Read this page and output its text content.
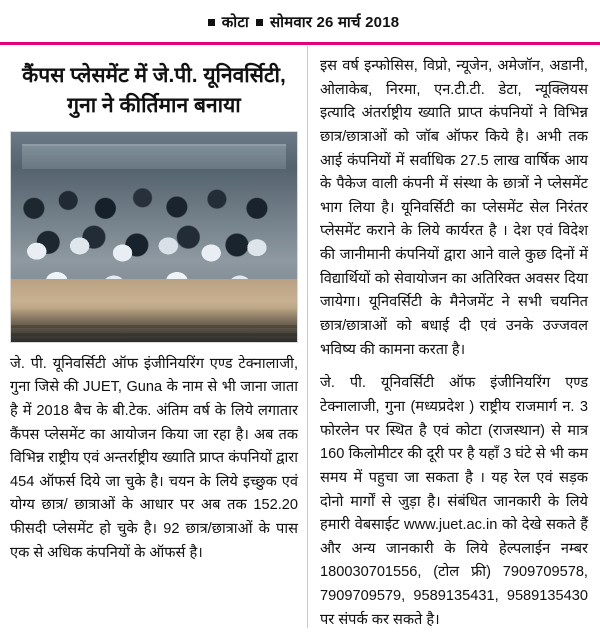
कोटा सोमवार 26 मार्च 2018
कैंपस प्लेसमेंट में जे.पी. यूनिवर्सिटी, गुना ने कीर्तिमान बनाया

जे. पी. यूनिवर्सिटी ऑफ इंजीनियरिंग एण्ड टेक्नालाजी, गुना जिसे की JUET, Guna के नाम से भी जाना जाता है में 2018 बैच के बी.टेक. अंतिम वर्ष के लिये लगातार कैंपस प्लेसमेंट का आयोजन किया जा रहा है। अब तक विभिन्न राष्ट्रीय एवं अन्तर्राष्ट्रीय ख्याति प्राप्त कंपनियों द्वारा 454 ऑफर्स दिये जा चुके है। चयन के लिये इच्छुक एवं योग्य छात्र/ छात्राओं के आधार पर अब तक 152.20 फीसदी प्लेसमेंट हो चुके है। 92 छात्र/छात्राओं के पास एक से अधिक कंपनियों के ऑफर्स है।

इस वर्ष इन्फोसिस, विप्रो, न्यूजेन, अमेजॉन, अडानी, ओलाकेब, निरमा, एन.टी.टी. डेटा, न्यूक्लियस इत्यादि अंतर्राष्ट्रीय ख्याति प्राप्त कंपनियों ने विभिन्न छात्र/छात्राओं को जॉब ऑफर किये है। अभी तक आई कंपनियों में सर्वाधिक 27.5 लाख वार्षिक आय के पैकेज वाली कंपनी में संस्था के छात्रों ने प्लेसमेंट भाग लिया है। यूनिवर्सिटी का प्लेसमेंट सेल निरंतर प्लेसमेंट कराने के लिये कार्यरत है । देश एवं विदेश की जानीमानी कंपनियों द्वारा आने वाले कुछ दिनों में विद्यार्थियों को सेवायोजन का अतिरिक्त अवसर दिया जायेगा। यूनिवर्सिटी के मैनेजमेंट ने सभी चयनित छात्र/छात्राओं को बधाई दी एवं उनके उज्जवल भविष्य की कामना करता है।

जे. पी. यूनिवर्सिटी ऑफ इंजीनियरिंग एण्ड टेक्नालाजी, गुना (मध्यप्रदेश ) राष्ट्रीय राजमार्ग न. 3 फोरलेन पर स्थित है एवं कोटा (राजस्थान) से मात्र 160 किलोमीटर की दूरी पर है यहाँ 3 घंटे से भी कम समय में पहुचा जा सकता है । यह रेल एवं सड़क दोनो मार्गों से जुड़ा है। संबंधित जानकारी के लिये हमारी वेबसाईट www.juet.ac.in को देखे सकते हैं और अन्य जानकारी के लिये हेल्पलाईन नम्बर 180030701556, (टोल फ्री) 7909709578, 7909709579, 9589135431, 9589135430 पर संपर्क कर सकते है।
